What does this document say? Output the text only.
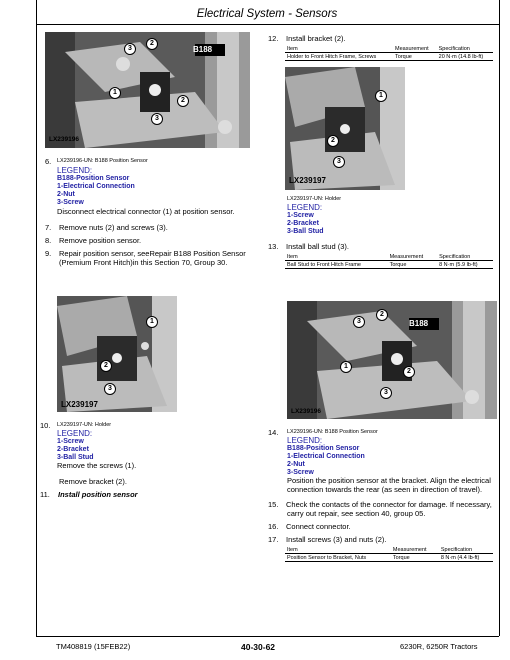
Electrical System - Sensors
B188
LX239196
3
2
1
2
3
6. LX239196-UN: B188 Position Sensor
LEGEND:
B188-Position Sensor
1-Electrical Connection
2-Nut
3-Screw
Disconnect electrical connector (1) at position sensor.
7. Remove nuts (2) and screws (3).
8. Remove position sensor.
9. Repair position sensor, seeRepair B188 Position Sensor
(Premium Front Hitch)in this Section 70, Group 30.
LX239197
1
2
3
10. LX239197-UN: Holder
LEGEND:
1-Screw
2-Bracket
3-Ball Stud
Remove the screws (1).
Remove bracket (2).
11. Install position sensor
12. Install bracket (2).
Item	Measurement	Specification
Holder to Front Hitch Frame, Screws	Torque	20 N·m (14.8 lb-ft)
LX239197
2
3
1
LX239197-UN: Holder
LEGEND:
1-Screw
2-Bracket
3-Ball Stud
13. Install ball stud (3).
Item	Measurement	Specification
Ball Stud to Front Hitch Frame	Torque	8 N·m (5.9 lb-ft)
B188
LX239196
3
2
1
2
3
14. LX239196-UN: B188 Position Sensor
LEGEND:
B188-Position Sensor
1-Electrical Connection
2-Nut
3-Screw
Position the position sensor at the bracket. Align the electrical
connection towards the rear (as seen in direction of travel).
15. Check the contacts of the connector for damage. If necessary,
carry out repair, see section 40, group 05.
16. Connect connector.
17. Install screws (3) and nuts (2).
Item	Measurement	Specification
Position Sensor to Bracket, Nuts	Torque	8 N·m (4.4 lb-ft)
TM408819 (15FEB22)	40-30-62	6230R, 6250R Tractors
